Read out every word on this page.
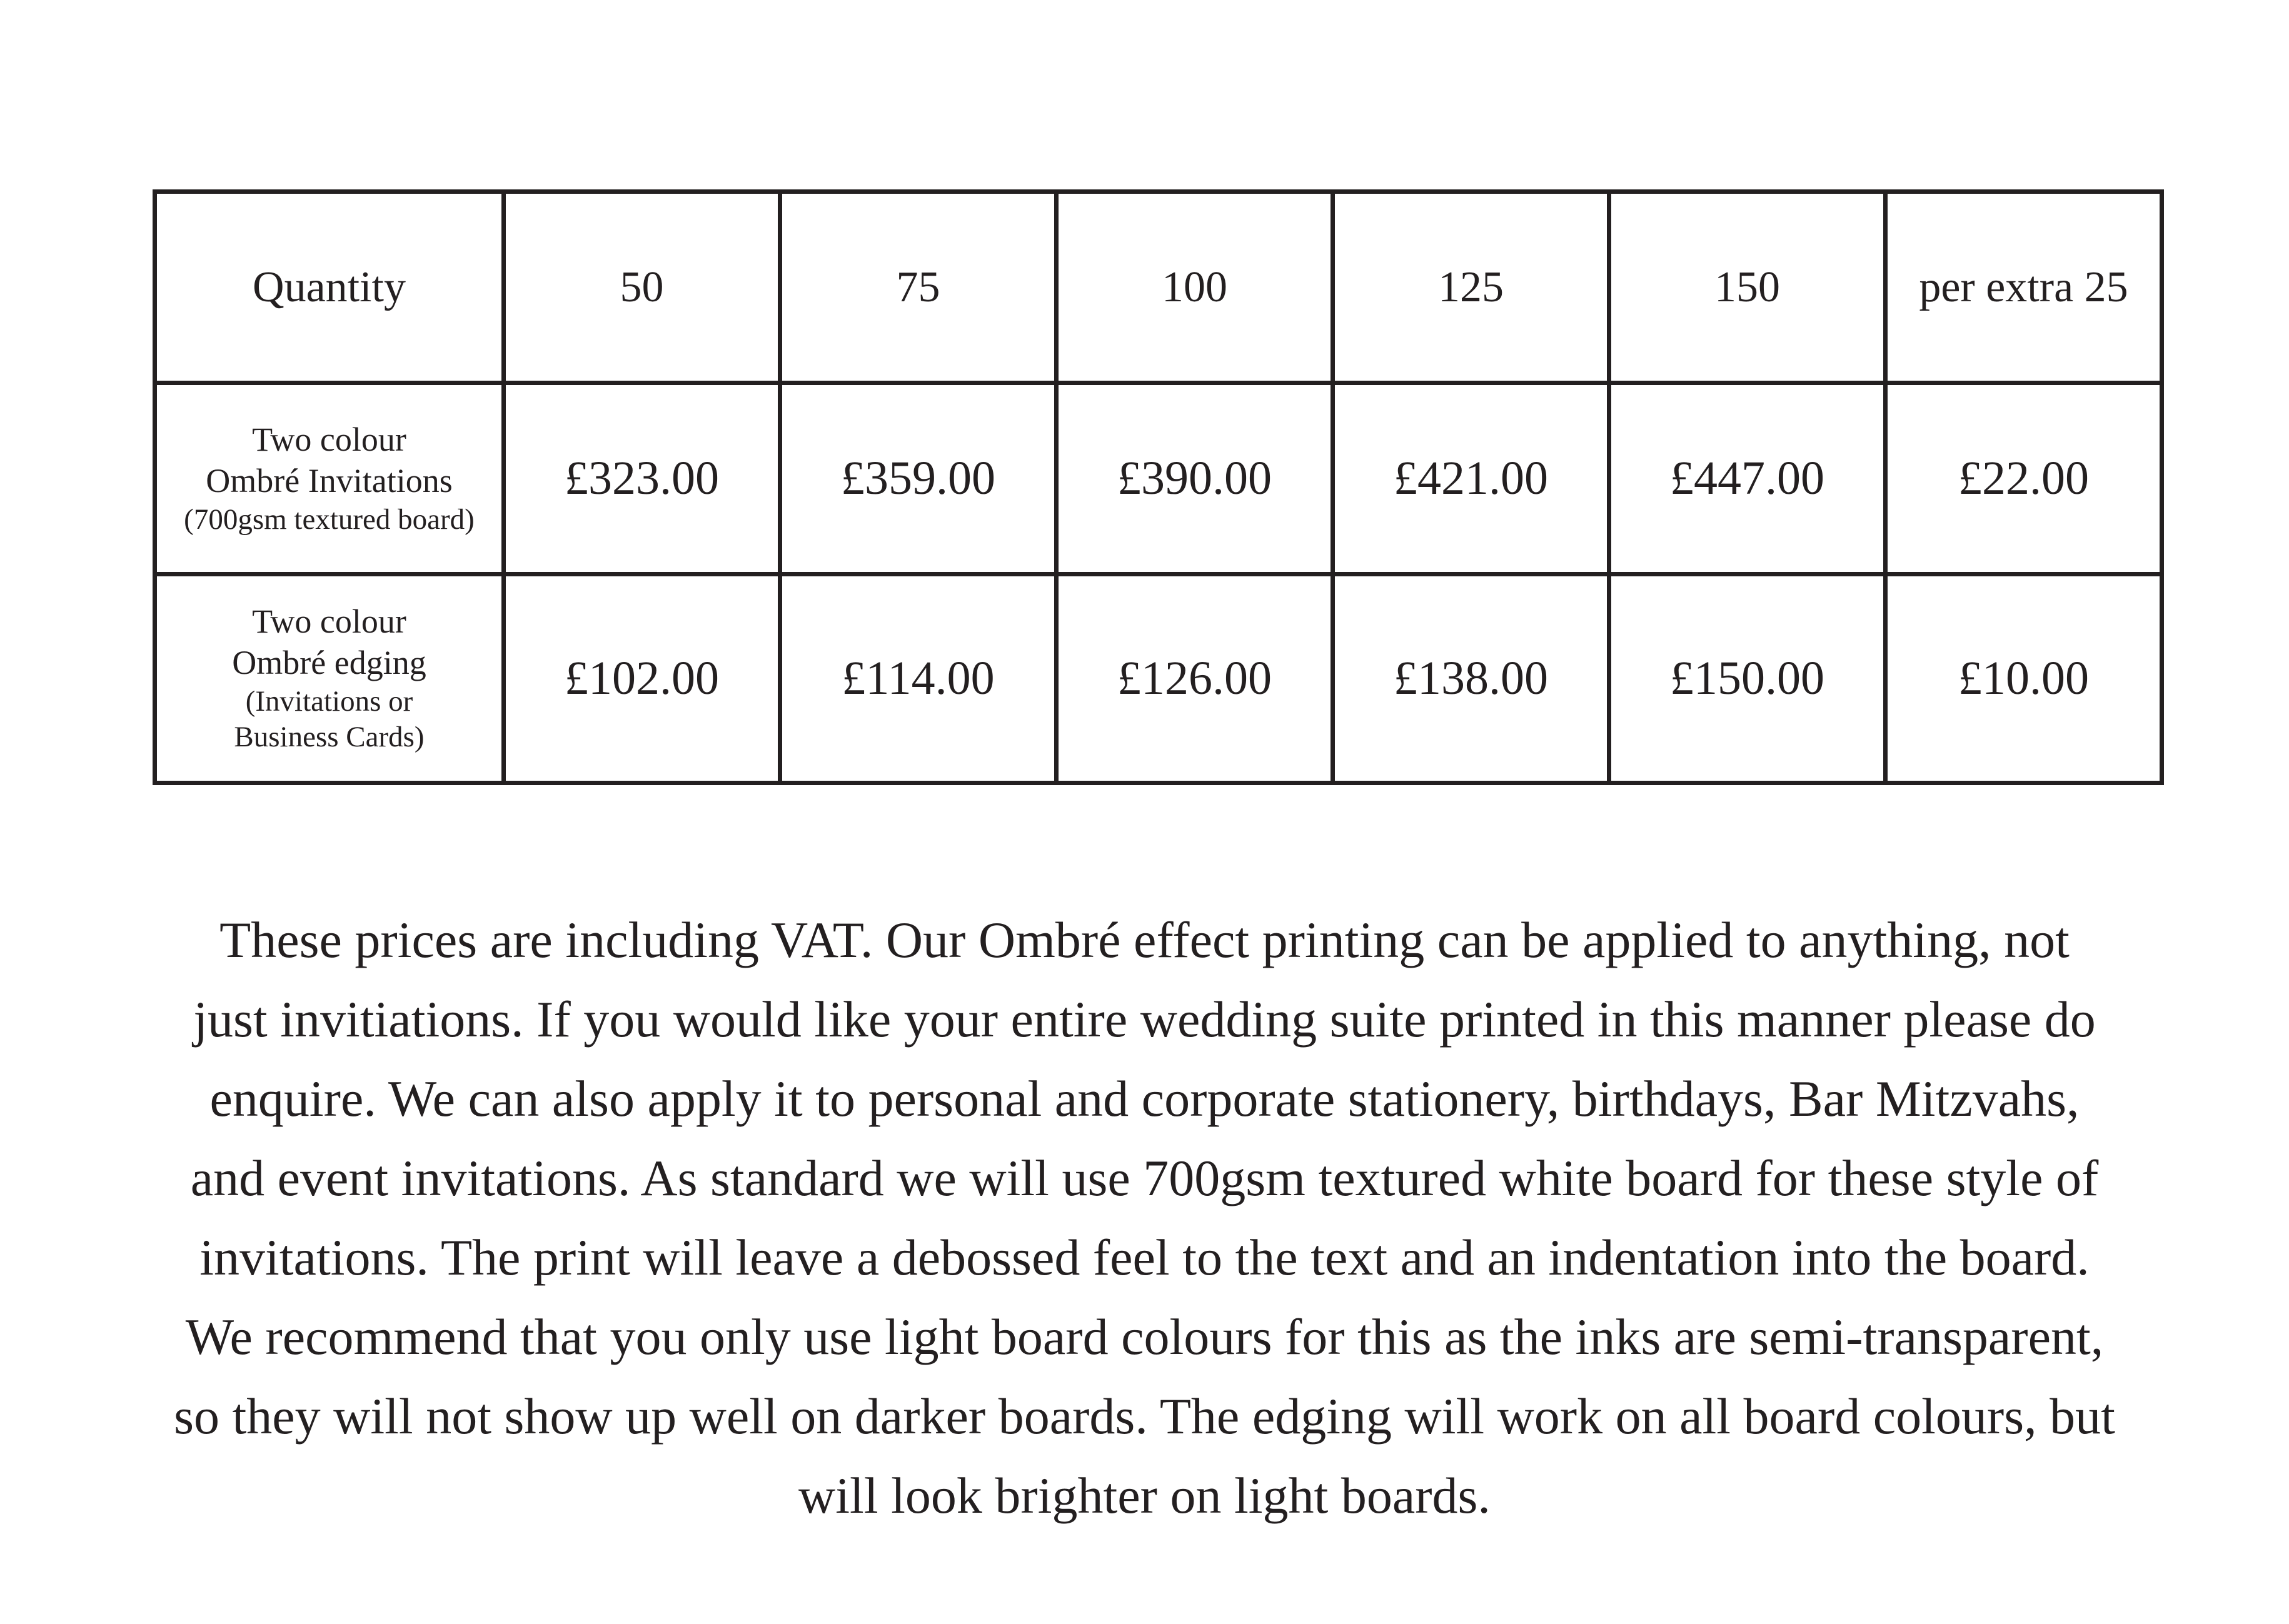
Quantity	50	75	100	125	150	per extra 25

Two colour
Ombré Invitations
(700gsm textured board)	£323.00	£359.00	£390.00	£421.00	£447.00	£22.00

Two colour
Ombré edging
(Invitations or
Business Cards)	£102.00	£114.00	£126.00	£138.00	£150.00	£10.00

These prices are including VAT. Our Ombré effect printing can be applied to anything, not
just invitiations. If you would like your entire wedding suite printed in this manner please do
enquire. We can also apply it to personal and corporate stationery, birthdays, Bar Mitzvahs,
and event invitations. As standard we will use 700gsm textured white board for these style of
invitations. The print will leave a debossed feel to the text and an indentation into the board.
We recommend that you only use light board colours for this as the inks are semi-transparent,
so they will not show up well on darker boards. The edging will work on all board colours, but
will look brighter on light boards.
